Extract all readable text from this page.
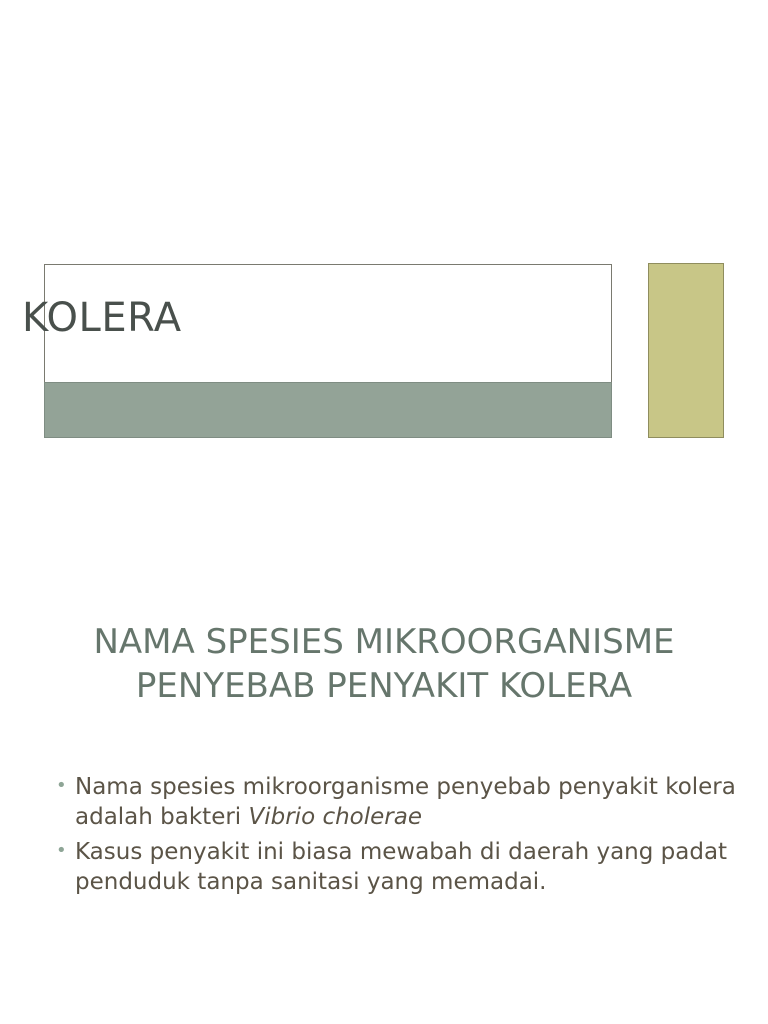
KOLERA
NAMA SPESIES MIKROORGANISME
PENYEBAB PENYAKIT KOLERA
• Nama spesies mikroorganisme penyebab penyakit kolera adalah bakteri Vibrio cholerae
• Kasus penyakit ini biasa mewabah di daerah yang padat penduduk tanpa sanitasi yang memadai.
